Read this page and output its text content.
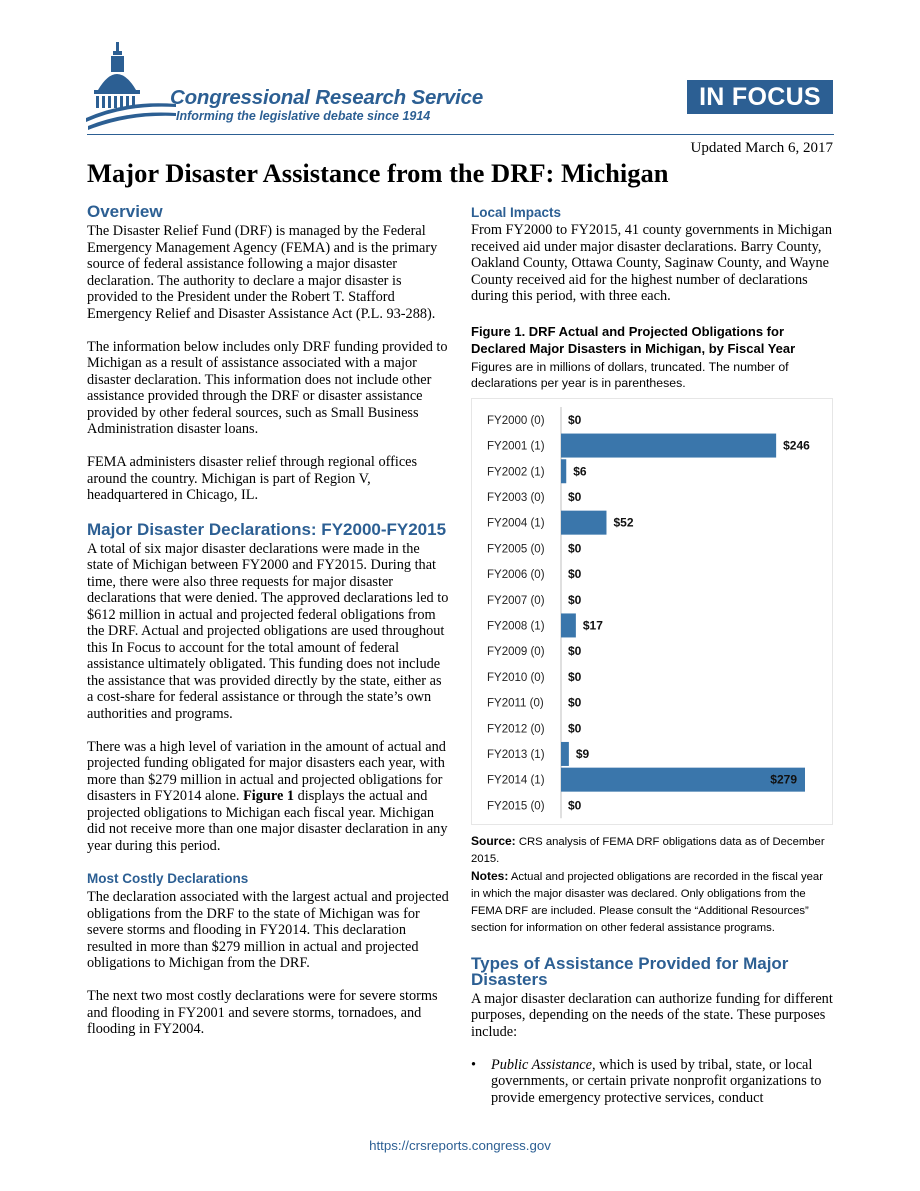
Congressional Research Service
Informing the legislative debate since 1914
IN FOCUS
Updated March 6, 2017
Major Disaster Assistance from the DRF: Michigan
Overview

The Disaster Relief Fund (DRF) is managed by the Federal Emergency Management Agency (FEMA) and is the primary source of federal assistance following a major disaster declaration. The authority to declare a major disaster is provided to the President under the Robert T. Stafford Emergency Relief and Disaster Assistance Act (P.L. 93-288).

The information below includes only DRF funding provided to Michigan as a result of assistance associated with a major disaster declaration. This information does not include other assistance provided through the DRF or disaster assistance provided by other federal sources, such as Small Business Administration disaster loans.

FEMA administers disaster relief through regional offices around the country. Michigan is part of Region V, headquartered in Chicago, IL.

Major Disaster Declarations: FY2000-FY2015

A total of six major disaster declarations were made in the state of Michigan between FY2000 and FY2015. During that time, there were also three requests for major disaster declarations that were denied. The approved declarations led to $612 million in actual and projected federal obligations from the DRF. Actual and projected obligations are used throughout this In Focus to account for the total amount of federal assistance ultimately obligated. This funding does not include the assistance that was provided directly by the state, either as a cost-share for federal assistance or through the state’s own authorities and programs.

There was a high level of variation in the amount of actual and projected funding obligated for major disasters each year, with more than $279 million in actual and projected obligations for disasters in FY2014 alone. Figure 1 displays the actual and projected obligations to Michigan each fiscal year. Michigan did not receive more than one major disaster declaration in any year during this period.

Most Costly Declarations

The declaration associated with the largest actual and projected obligations from the DRF to the state of Michigan was for severe storms and flooding in FY2014. This declaration resulted in more than $279 million in actual and projected obligations to Michigan from the DRF.

The next two most costly declarations were for severe storms and flooding in FY2001 and severe storms, tornadoes, and flooding in FY2004.

Local Impacts

From FY2000 to FY2015, 41 county governments in Michigan received aid under major disaster declarations. Barry County, Oakland County, Ottawa County, Saginaw County, and Wayne County received aid for the highest number of declarations during this period, with three each.

Figure 1. DRF Actual and Projected Obligations for Declared Major Disasters in Michigan, by Fiscal Year

Figures are in millions of dollars, truncated. The number of declarations per year is in parentheses.

FY2000 (0) $0
FY2001 (1)	$246
FY2002 (1) $6
FY2003 (0) $0
FY2004 (1)	$52
FY2005 (0) $0
FY2006 (0) $0
FY2007 (0) $0
FY2008 (1)	$17
FY2009 (0) $0
FY2010 (0) $0
FY2011 (0) $0
FY2012 (0) $0
FY2013 (1)	$9
FY2014 (1)	$279
FY2015 (0) $0

Source: CRS analysis of FEMA DRF obligations data as of December 2015.

Notes: Actual and projected obligations are recorded in the fiscal year in which the major disaster was declared. Only obligations from the FEMA DRF are included. Please consult the “Additional Resources” section for information on other federal assistance programs.

Types of Assistance Provided for Major Disasters

A major disaster declaration can authorize funding for different purposes, depending on the needs of the state. These purposes include:

• Public Assistance, which is used by tribal, state, or local governments, or certain private nonprofit organizations to provide emergency protective services, conduct
https://crsreports.congress.gov
